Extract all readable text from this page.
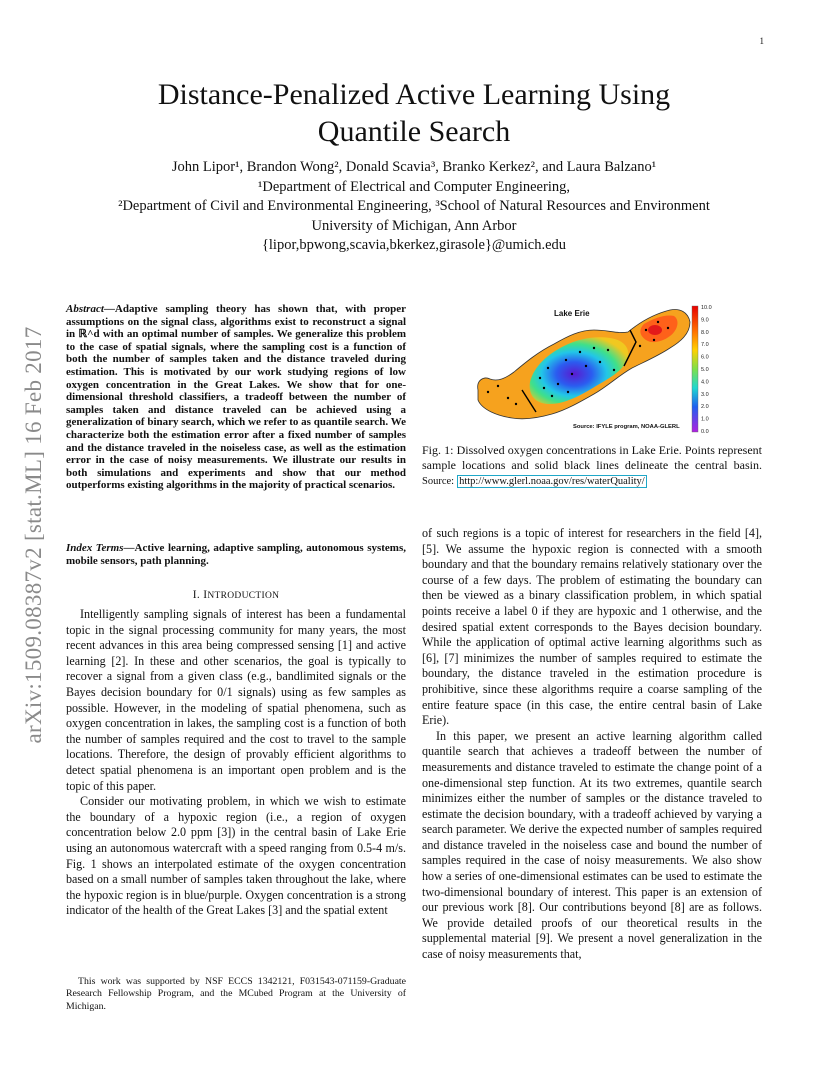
1
Distance-Penalized Active Learning Using
Quantile Search
John Lipor¹, Brandon Wong², Donald Scavia³, Branko Kerkez², and Laura Balzano¹
¹Department of Electrical and Computer Engineering,
²Department of Civil and Environmental Engineering, ³School of Natural Resources and Environment
University of Michigan, Ann Arbor
{lipor,bpwong,scavia,bkerkez,girasole}@umich.edu
arXiv:1509.08387v2 [stat.ML] 16 Feb 2017
Abstract—Adaptive sampling theory has shown that, with proper assumptions on the signal class, algorithms exist to reconstruct a signal in ℝ^d with an optimal number of samples. We generalize this problem to the case of spatial signals, where the sampling cost is a function of both the number of samples taken and the distance traveled during estimation. This is motivated by our work studying regions of low oxygen concentration in the Great Lakes. We show that for one-dimensional threshold classifiers, a tradeoff between the number of samples taken and distance traveled can be achieved using a generalization of binary search, which we refer to as quantile search. We characterize both the estimation error after a fixed number of samples and the distance traveled in the noiseless case, as well as the estimation error in the case of noisy measurements. We illustrate our results in both simulations and experiments and show that our method outperforms existing algorithms in the majority of practical scenarios.
Index Terms—Active learning, adaptive sampling, autonomous systems, mobile sensors, path planning.
I. INTRODUCTION

Intelligently sampling signals of interest has been a fundamental topic in the signal processing community for many years, the most recent advances in this area being compressed sensing [1] and active learning [2]. In these and other scenarios, the goal is typically to recover a signal from a given class (e.g., bandlimited signals or the Bayes decision boundary for 0/1 signals) using as few samples as possible. However, in the modeling of spatial phenomena, such as oxygen concentration in lakes, the sampling cost is a function of both the number of samples required and the cost to travel to the sample locations. Therefore, the design of provably efficient algorithms to detect spatial phenomena is an important open problem and is the topic of this paper.

Consider our motivating problem, in which we wish to estimate the boundary of a hypoxic region (i.e., a region of oxygen concentration below 2.0 ppm [3]) in the central basin of Lake Erie using an autonomous watercraft with a speed ranging from 0.5-4 m/s. Fig. 1 shows an interpolated estimate of the oxygen concentration based on a small number of samples taken throughout the lake, where the hypoxic region is in blue/purple. Oxygen concentration is a strong indicator of the health of the Great Lakes [3] and the spatial extent

This work was supported by NSF ECCS 1342121, F031543-071159-Graduate Research Fellowship Program, and the MCubed Program at the University of Michigan.
Lake Erie
Source: IFYLE program, NOAA-GLERL
10.0
9.0
8.0
7.0
6.0
5.0
4.0
3.0
2.0
1.0
0.0
Fig. 1: Dissolved oxygen concentrations in Lake Erie. Points represent sample locations and solid black lines delineate the central basin. Source: http://www.glerl.noaa.gov/res/waterQuality/

of such regions is a topic of interest for researchers in the field [4], [5]. We assume the hypoxic region is connected with a smooth boundary and that the boundary remains relatively stationary over the course of a few days. The problem of estimating the boundary can then be viewed as a binary classification problem, in which spatial points receive a label 0 if they are hypoxic and 1 otherwise, and the desired spatial extent corresponds to the Bayes decision boundary. While the application of optimal active learning algorithms such as [6], [7] minimizes the number of samples required to estimate the boundary, the distance traveled in the estimation procedure is prohibitive, since these algorithms require a coarse sampling of the entire feature space (in this case, the entire central basin of Lake Erie).

In this paper, we present an active learning algorithm called quantile search that achieves a tradeoff between the number of measurements and distance traveled to estimate the change point of a one-dimensional step function. At its two extremes, quantile search minimizes either the number of samples or the distance traveled to estimate the decision boundary, with a tradeoff achieved by varying a search parameter. We derive the expected number of samples required and distance traveled in the noiseless case and bound the number of samples required in the case of noisy measurements. We also show how a series of one-dimensional estimates can be used to estimate the two-dimensional boundary of interest. This paper is an extension of our previous work [8]. Our contributions beyond [8] are as follows. We provide detailed proofs of our theoretical results in the supplemental material [9]. We present a novel generalization in the case of noisy measurements that,
